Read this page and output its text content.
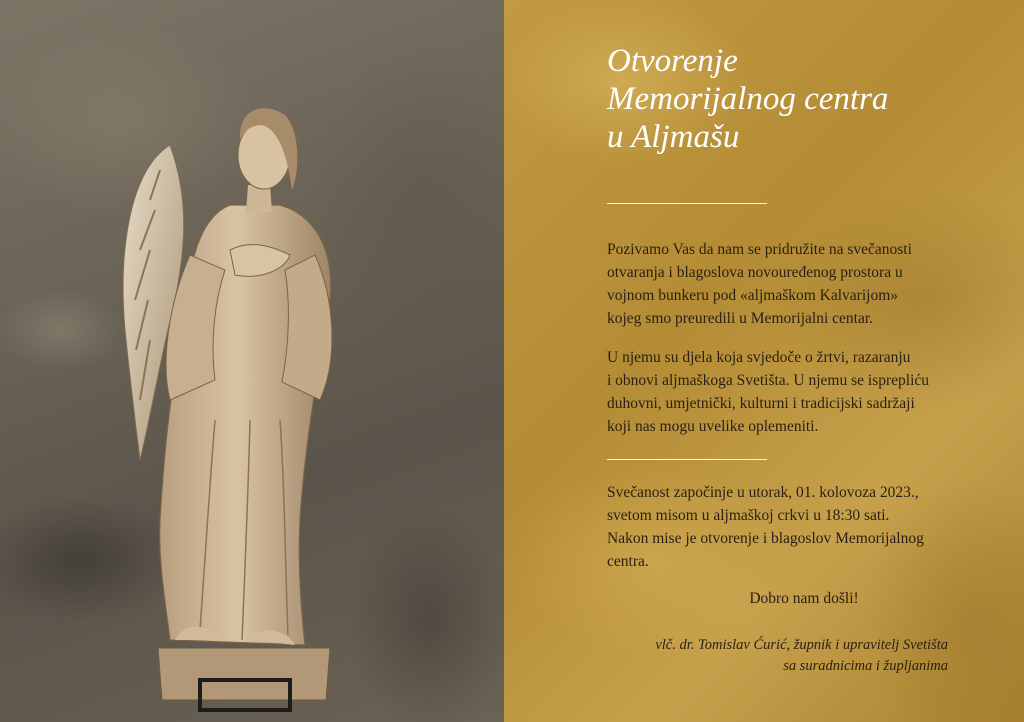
Otvorenje
Memorijalnog centra
u Aljmašu

Pozivamo Vas da nam se pridružite na svečanosti
otvaranja i blagoslova novouređenog prostora u
vojnom bunkeru pod «aljmaškom Kalvarijom»
kojeg smo preuredili u Memorijalni centar.

U njemu su djela koja svjedoče o žrtvi, razaranju
i obnovi aljmaškoga Svetišta. U njemu se isprepliću
duhovni, umjetnički, kulturni i tradicijski sadržaji
koji nas mogu uvelike oplemeniti.

Svečanost započinje u utorak, 01. kolovoza 2023.,
svetom misom u aljmaškoj crkvi u 18:30 sati.
Nakon mise je otvorenje i blagoslov Memorijalnog
centra.

Dobro nam došli!
vlč. dr. Tomislav Ćurić, župnik i upravitelj Svetišta
sa suradnicima i župljanima
